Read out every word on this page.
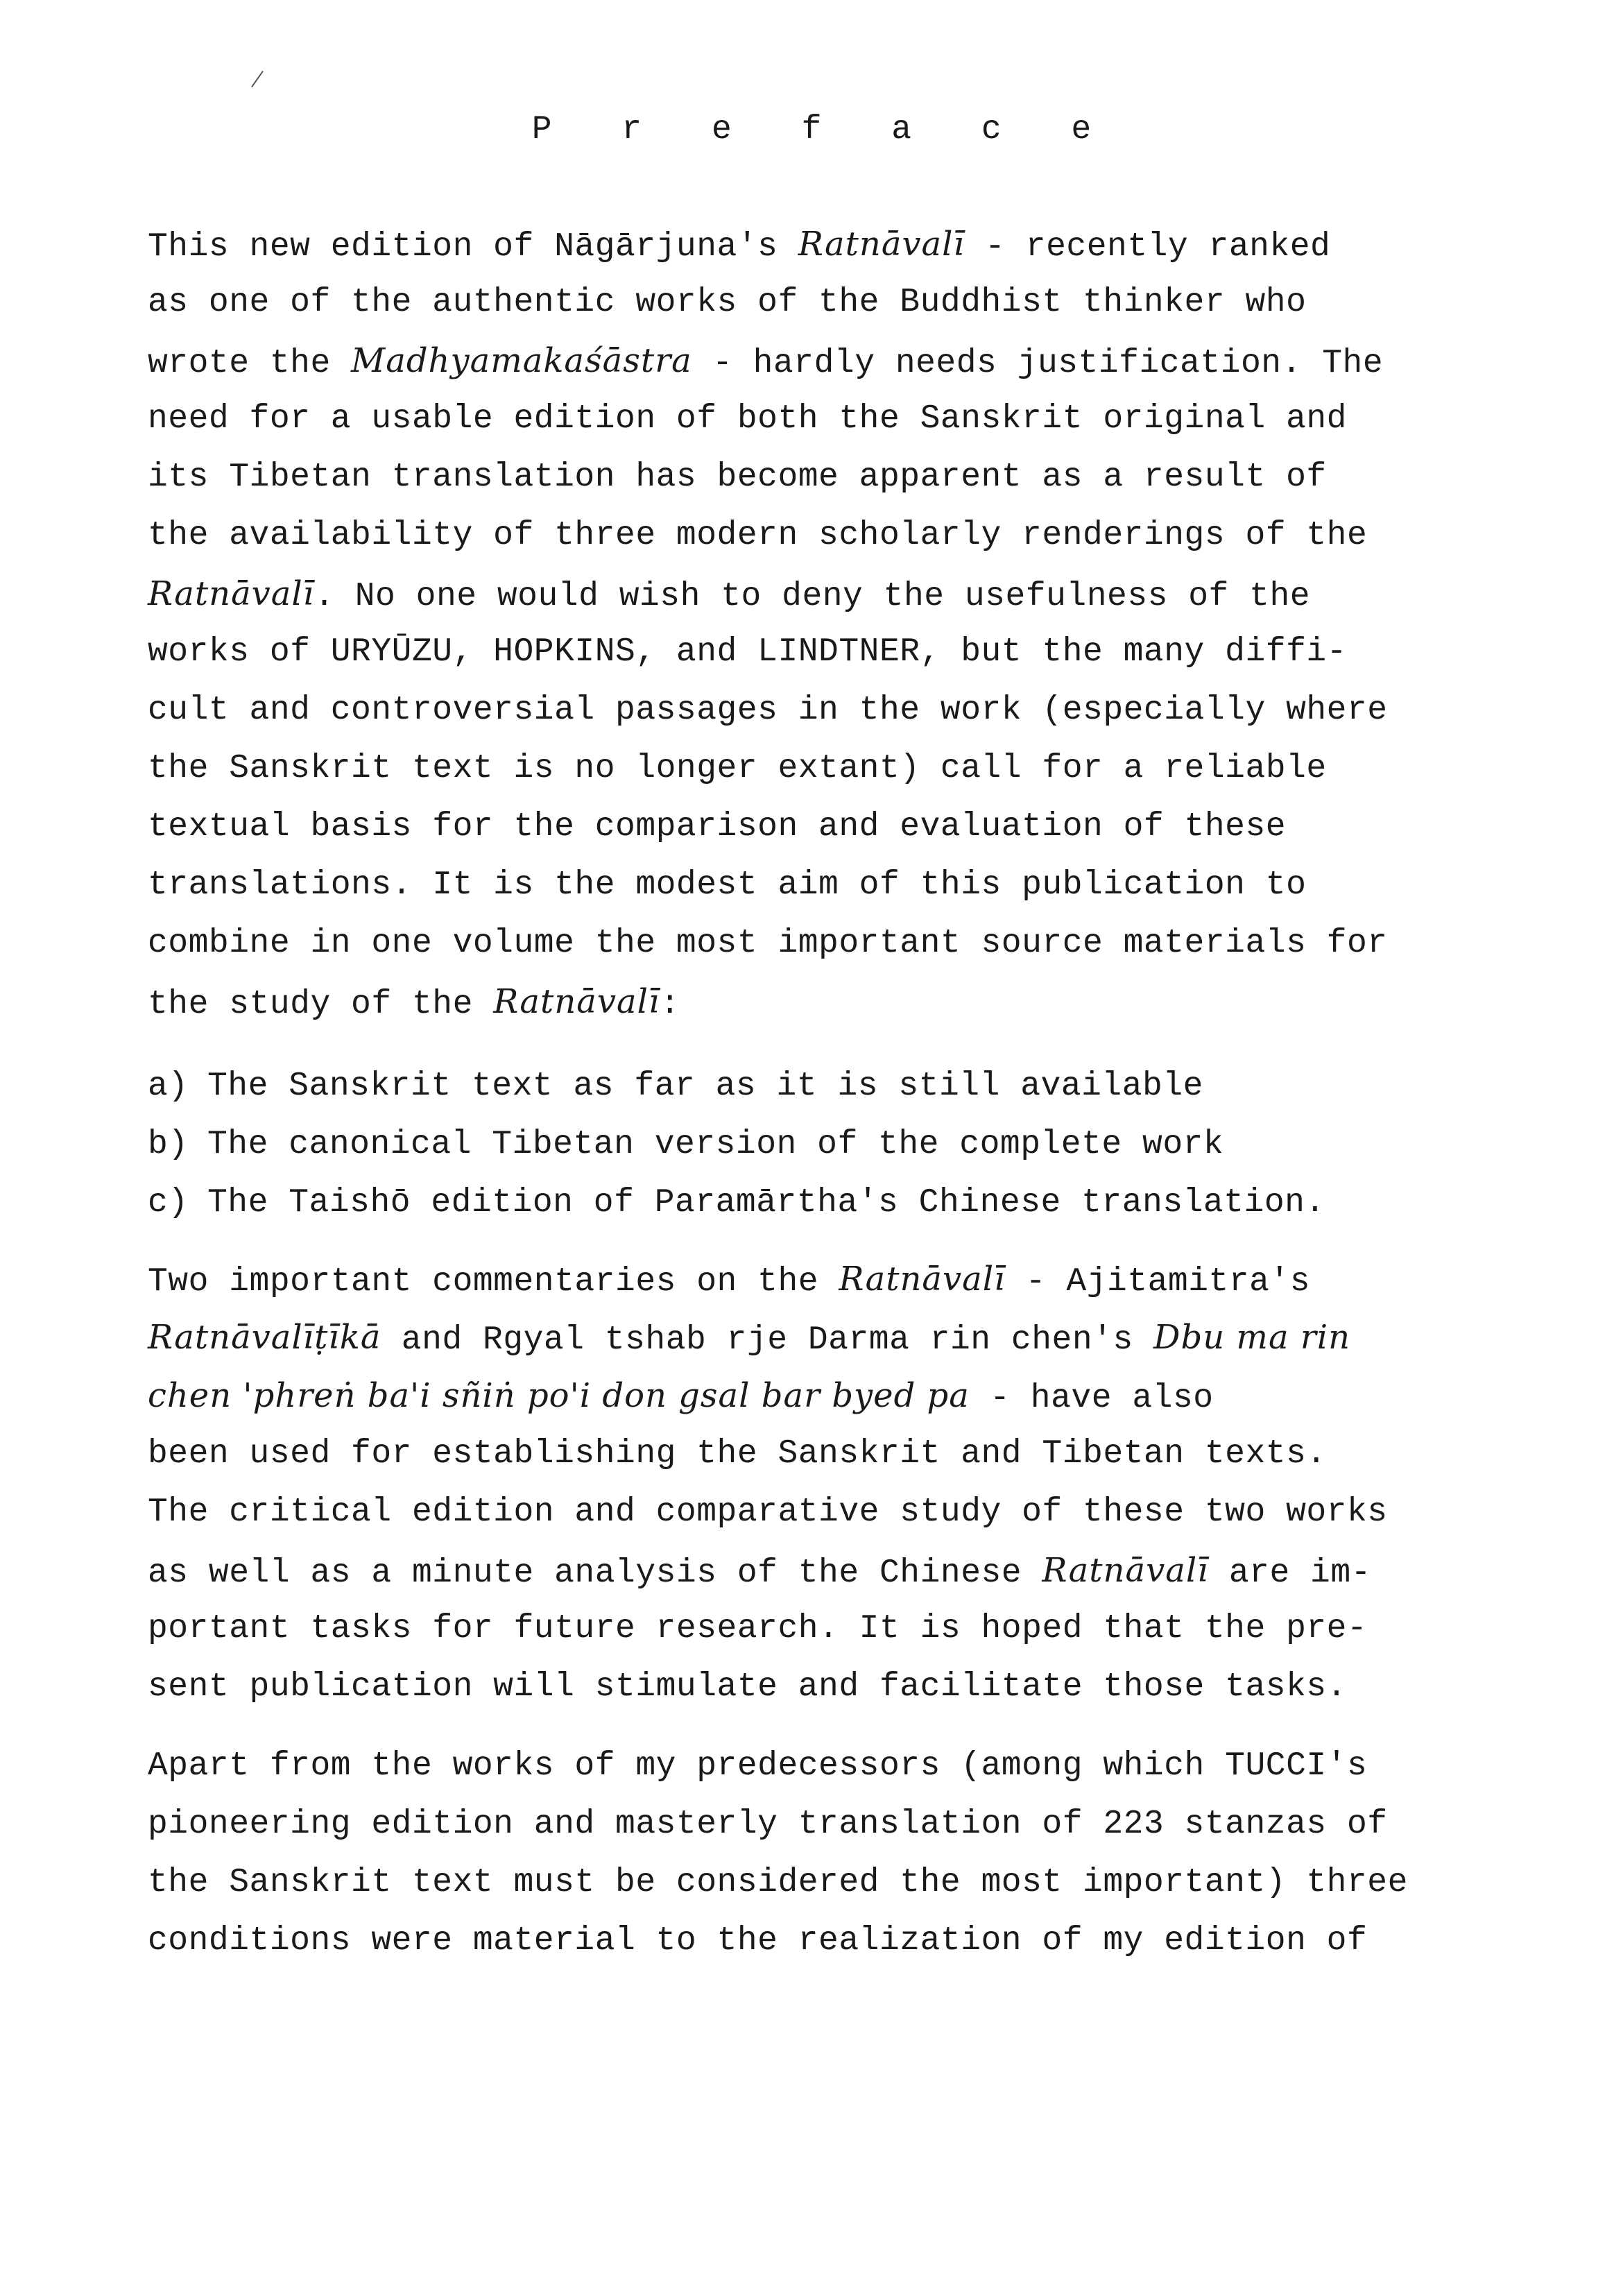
P r e f a c e
This new edition of Nāgārjuna's Ratnāvalī - recently ranked
as one of the authentic works of the Buddhist thinker who
wrote the Madhyamakaśāstra - hardly needs justification. The
need for a usable edition of both the Sanskrit original and
its Tibetan translation has become apparent as a result of
the availability of three modern scholarly renderings of the
Ratnāvalī. No one would wish to deny the usefulness of the
works of URYŪZU, HOPKINS, and LINDTNER, but the many diffi-
cult and controversial passages in the work (especially where
the Sanskrit text is no longer extant) call for a reliable
textual basis for the comparison and evaluation of these
translations. It is the modest aim of this publication to
combine in one volume the most important source materials for
the study of the Ratnāvalī:
a) The Sanskrit text as far as it is still available
b) The canonical Tibetan version of the complete work
c) The Taishō edition of Paramārtha's Chinese translation.
Two important commentaries on the Ratnāvalī - Ajitamitra's
Ratnāvalīṭīkā and Rgyal tshab rje Darma rin chen's Dbu ma rin
chen 'phreṅ ba'i sñiṅ po'i don gsal bar byed pa - have also
been used for establishing the Sanskrit and Tibetan texts.
The critical edition and comparative study of these two works
as well as a minute analysis of the Chinese Ratnāvalī are im-
portant tasks for future research. It is hoped that the pre-
sent publication will stimulate and facilitate those tasks.
Apart from the works of my predecessors (among which TUCCI's
pioneering edition and masterly translation of 223 stanzas of
the Sanskrit text must be considered the most important) three
conditions were material to the realization of my edition of
